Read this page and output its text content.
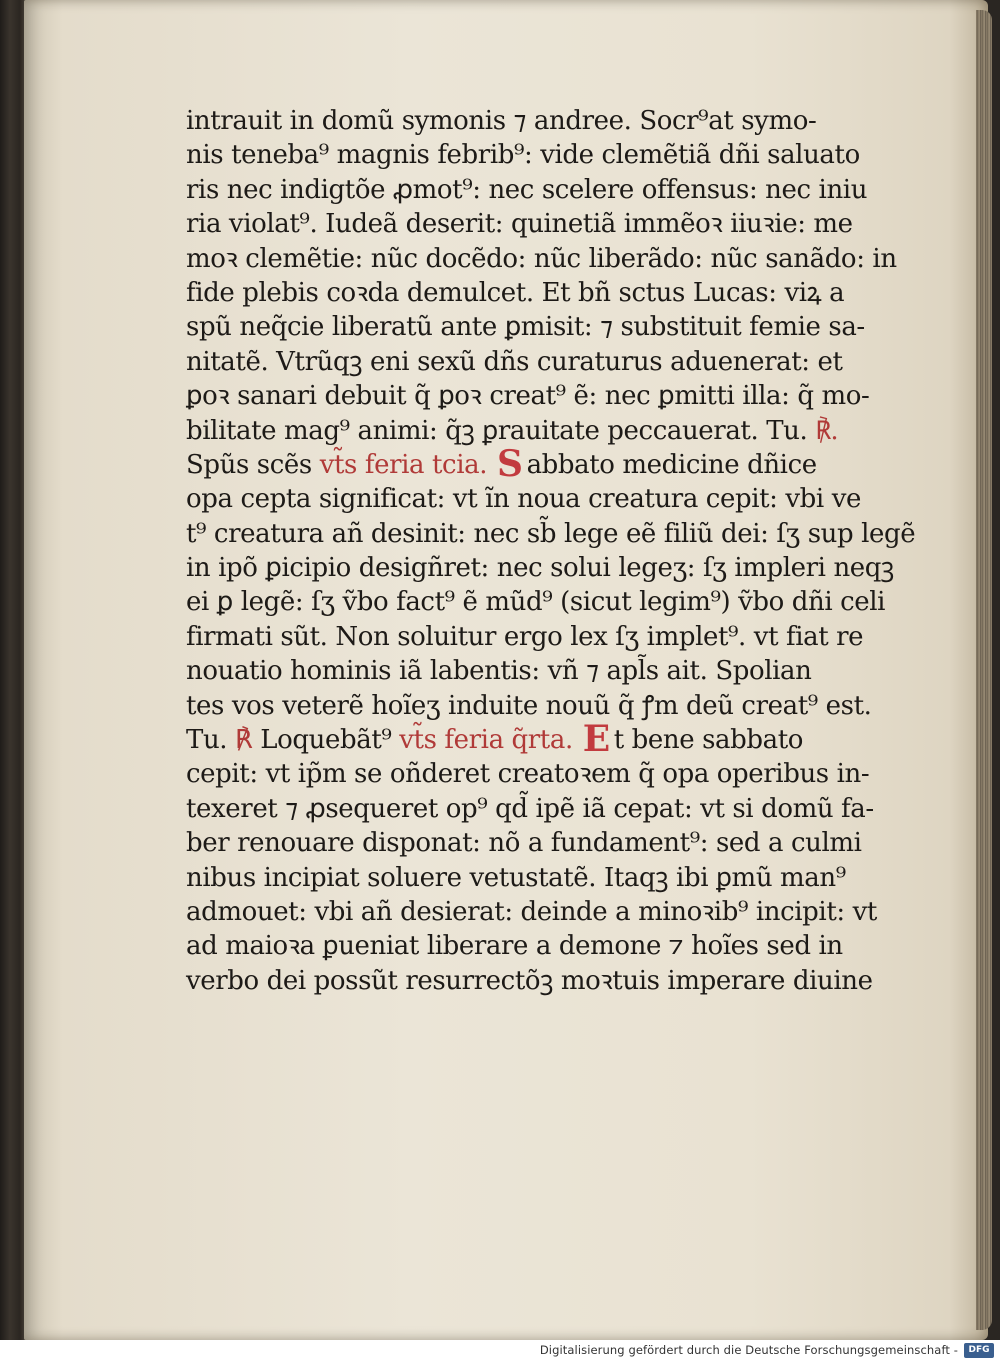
intrauit in domũ symonis ⁊ andree. Socr⁹at symo-
nis teneba⁹ magnis febrib⁹: vide clemẽtiã dñi saluato
ris nec indigtõe ꝓmot⁹: nec scelere offensus: nec iniu
ria violat⁹. Iudeã deserit: quinetiã immẽoꝛ iiuꝛie: me
moꝛ clemẽtie: nũc docẽdo: nũc liberãdo: nũc sanãdo: in
fide plebis coꝛda demulcet. Et bñ sctus Lucas: viꝝ a
spũ neq̃cie liberatũ ante ꝑmisit: ⁊ substituit femie sa-
nitatẽ. Vtrũqꝫ eni sexũ dñs curaturus aduenerat: et
ꝑoꝛ sanari debuit q̃ ꝑoꝛ creat⁹ ẽ: nec ꝑmitti illa: q̃ mo-
bilitate mag⁹ animi: q̃ꝫ ꝑrauitate peccauerat. Tu. ℟.
Spũs scẽs vt̃s feria tcia. S abbato medicine dñice
opa cepta significat: vt ĩn noua creatura cepit: vbi ve
t⁹ creatura añ desinit: nec sb̃ lege eẽ filiũ dei: ſʒ sup legẽ
in ipõ ꝑicipio desigñret: nec solui legeʒ: ſʒ impleri neqꝫ
ei ꝑ legẽ: ſʒ ṽbo fact⁹ ẽ mũd⁹ (sicut legim⁹) ṽbo dñi celi
firmati sũt. Non soluitur ergo lex ſʒ implet⁹. vt fiat re
nouatio hominis iã labentis: vñ ⁊ apl̃s ait. Spolian
tes vos veterẽ hoĩeʒ induite nouũ q̃ ꝭm deũ creat⁹ est.
Tu. ℟ Loquebãt⁹ vt̃s feria q̃rta. E t bene sabbato
cepit: vt ip̃m se oñderet creatoꝛem q̃ opa operibus in-
texeret ⁊ ꝓsequeret op⁹ qd̃ ipẽ iã cepat: vt si domũ fa-
ber renouare disponat: nõ a fundament⁹: sed a culmi
nibus incipiat soluere vetustatẽ. Itaqꝫ ibi ꝑmũ man⁹
admouet: vbi añ desierat: deinde a minoꝛib⁹ incipit: vt
ad maioꝛa ꝑueniat liberare a demone ⁊ hoĩes sed in
verbo dei possũt resurrectõꝫ moꝛtuis imperare diuine
Digitalisierung gefördert durch die Deutsche Forschungsgemeinschaft -	DFG
